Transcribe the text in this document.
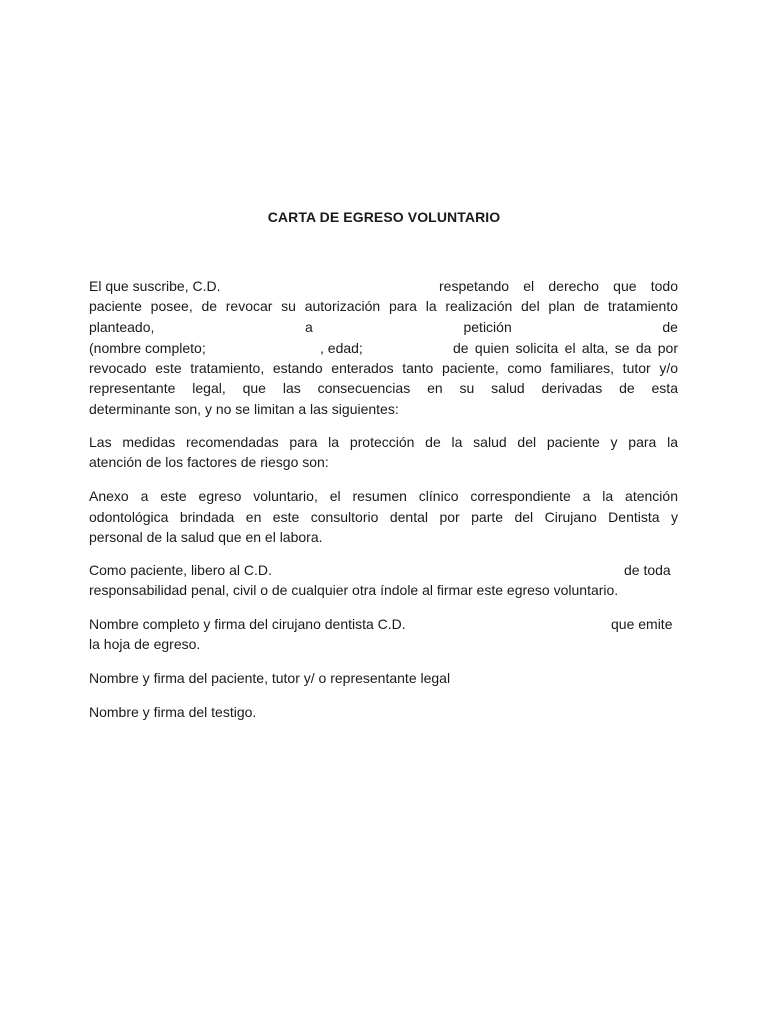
CARTA DE EGRESO VOLUNTARIO
El que suscribe, C.D.	respetando el derecho que todo
paciente posee, de revocar su autorización para la realización del plan de tratamiento
planteado,	a	petición	de
(nombre completo;	, edad;	de quien solicita el alta, se da por
revocado este tratamiento, estando enterados tanto paciente, como familiares, tutor y/o
representante legal, que las consecuencias en su salud derivadas de esta
determinante son, y no se limitan a las siguientes:
Las medidas recomendadas para la protección de la salud del paciente y para la
atención de los factores de riesgo son:
Anexo a este egreso voluntario, el resumen clínico correspondiente a la atención
odontológica brindada en este consultorio dental por parte del Cirujano Dentista y
personal de la salud que en el labora.
Como paciente, libero al C.D.	de toda
responsabilidad penal, civil o de cualquier otra índole al firmar este egreso voluntario.
Nombre completo y firma del cirujano dentista C.D.	que emite
la hoja de egreso.
Nombre y firma del paciente, tutor y/ o representante legal
Nombre y firma del testigo.
